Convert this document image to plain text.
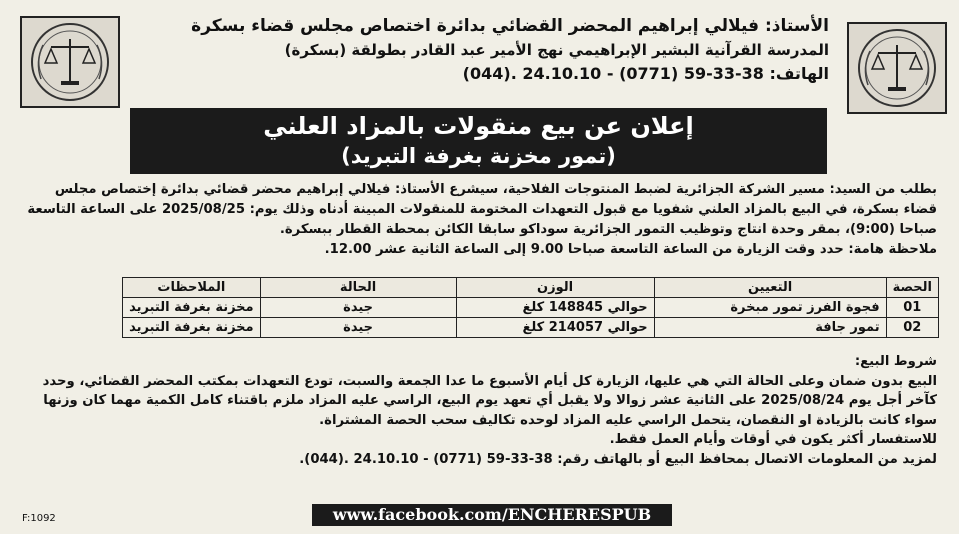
الأستاذ: فيلالي إبراهيم المحضر القضائي بدائرة اختصاص مجلس قضاء بسكرة
المدرسة القرآنية البشير الإبراهيمي نهج الأمير عبد القادر بطولقة (بسكرة)
الهاتف: 38-33-59 (0771) - 24.10.10 .(044)
إعلان عن بيع منقولات بالمزاد العلني
(تمور مخزنة بغرفة التبريد)

بطلب من السيد: مسير الشركة الجزائرية لضبط المنتوجات الفلاحية، سيشرع الأستاذ: فيلالي إبراهيم محضر قضائي بدائرة إختصاص مجلس

قضاء بسكرة، في البيع بالمزاد العلني شفويا مع قبول التعهدات المختومة للمنقولات المبينة أدناه وذلك يوم: 2025/08/25 على الساعة التاسعة

صباحا (9:00)، بمقر وحدة انتاج وتوظيب التمور الجزائرية سوداكو سابقا الكائن بمحطة القطار ببسكرة.

ملاحظة هامة: حدد وقت الزيارة من الساعة التاسعة صباحا 9.00 إلى الساعة الثانية عشر 12.00.

الحصة	التعيين	الوزن	الحالة	الملاحظات
01	فجوة الفرز تمور مبخرة	حوالي 148845 كلغ	جيدة	مخزنة بغرفة التبريد
02	تمور جافة	حوالي 214057 كلغ	جيدة	مخزنة بغرفة التبريد

شروط البيع:

البيع بدون ضمان وعلى الحالة التي هي عليها، الزيارة كل أيام الأسبوع ما عدا الجمعة والسبت، تودع التعهدات بمكتب المحضر القضائي، وحدد

كآخر أجل يوم 2025/08/24 على الثانية عشر زوالا ولا يقبل أي تعهد يوم البيع، الراسي عليه المزاد ملزم باقتناء كامل الكمية مهما كان وزنها

سواء كانت بالزيادة او النقصان، يتحمل الراسي عليه المزاد لوحده تكاليف سحب الحصة المشتراة.

للاستفسار أكثر يكون في أوقات وأيام العمل فقط.

لمزيد من المعلومات الاتصال بمحافظ البيع أو بالهاتف رقم: 38-33-59 (0771) - 24.10.10 .(044).

www.facebook.com/ENCHERESPUB
F:1092
